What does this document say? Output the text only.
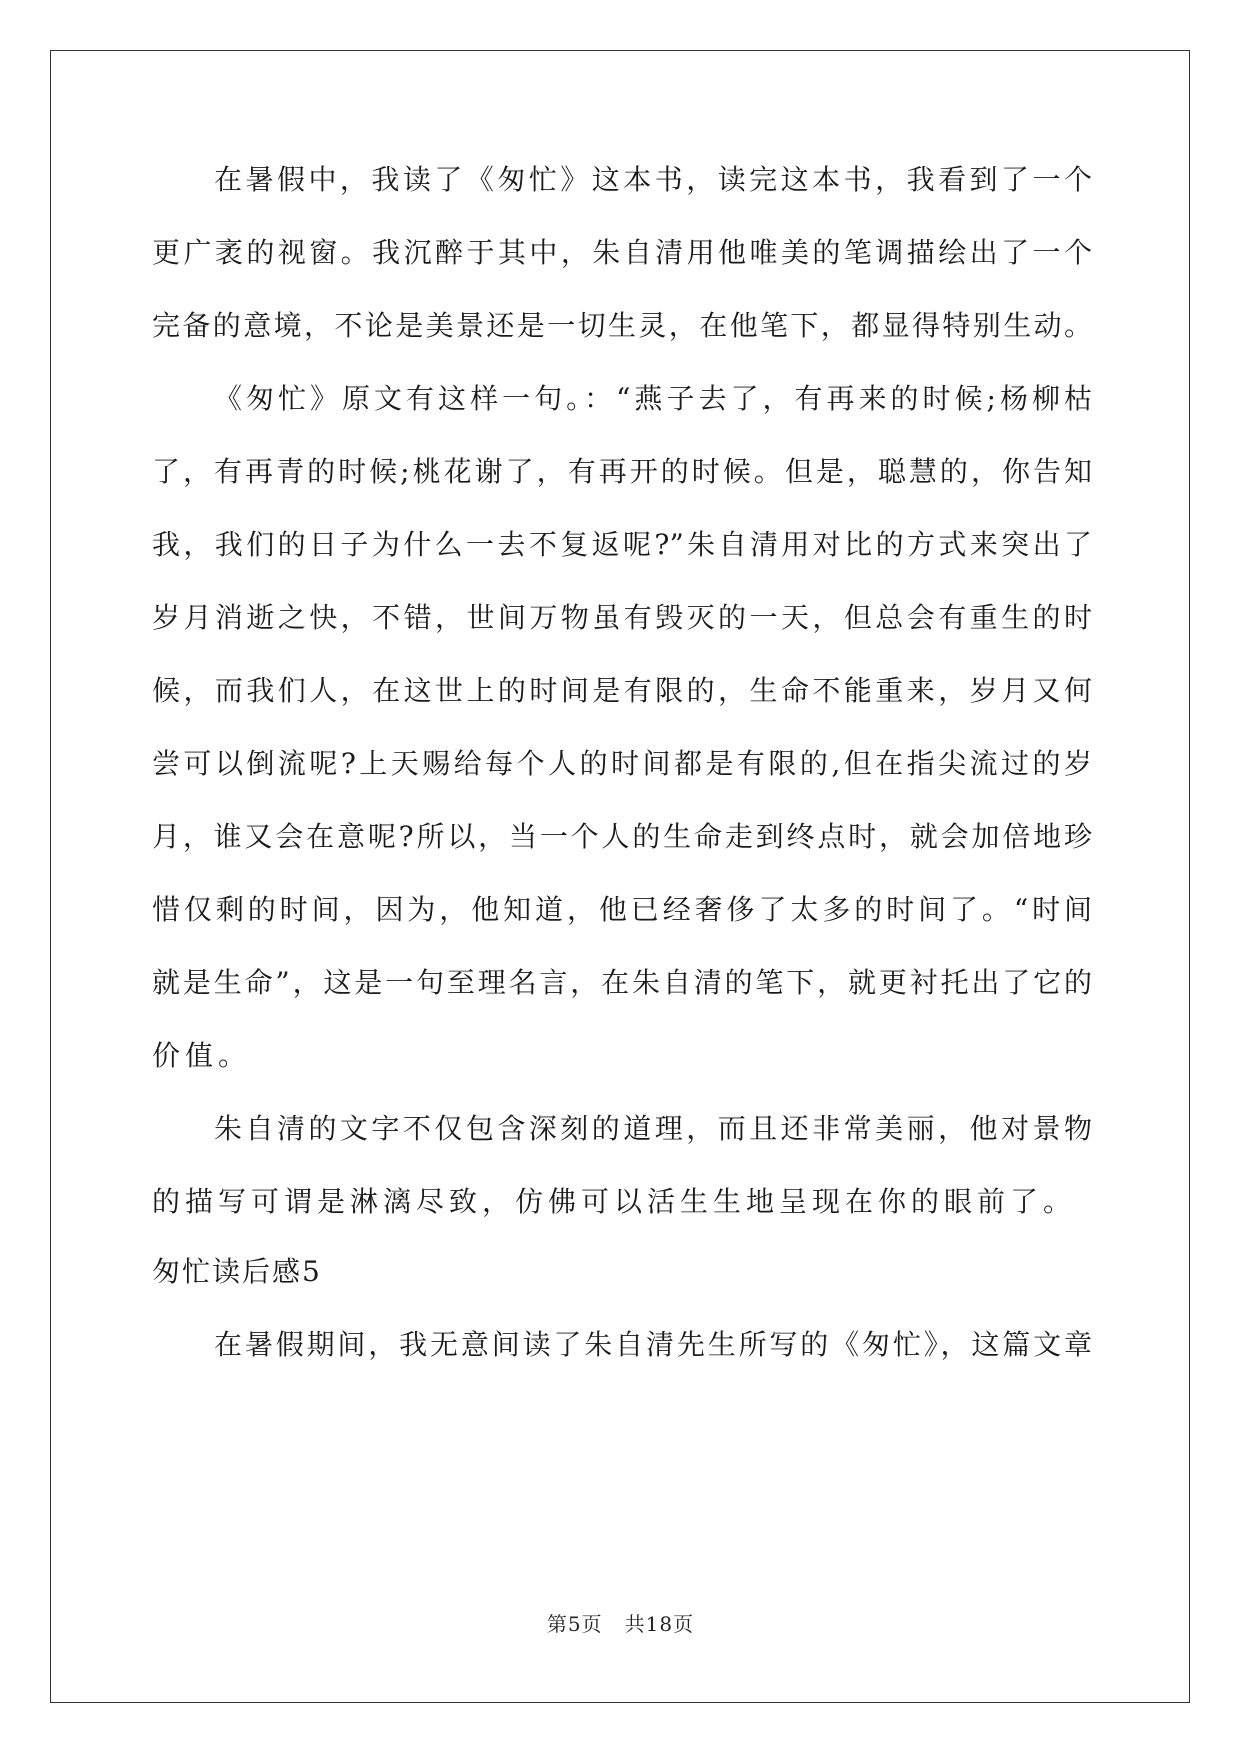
在暑假中，我读了《匆忙》这本书，读完这本书，我看到了一个
更广袤的视窗。我沉醉于其中，朱自清用他唯美的笔调描绘出了一个
完备的意境，不论是美景还是一切生灵，在他笔下，都显得特别生动。
《匆忙》原文有这样一句。：“燕子去了，有再来的时候;杨柳枯
了，有再青的时候;桃花谢了，有再开的时候。但是，聪慧的，你告知
我，我们的日子为什么一去不复返呢?”朱自清用对比的方式来突出了
岁月消逝之快，不错，世间万物虽有毁灭的一天，但总会有重生的时
候，而我们人，在这世上的时间是有限的，生命不能重来，岁月又何
尝可以倒流呢?上天赐给每个人的时间都是有限的,但在指尖流过的岁
月，谁又会在意呢?所以，当一个人的生命走到终点时，就会加倍地珍
惜仅剩的时间，因为，他知道，他已经奢侈了太多的时间了。“时间
就是生命”，这是一句至理名言，在朱自清的笔下，就更衬托出了它的
价值。
朱自清的文字不仅包含深刻的道理，而且还非常美丽，他对景物
的描写可谓是淋漓尽致，仿佛可以活生生地呈现在你的眼前了。
匆忙读后感5
在暑假期间，我无意间读了朱自清先生所写的《匆忙》，这篇文章
第5页 共18页
